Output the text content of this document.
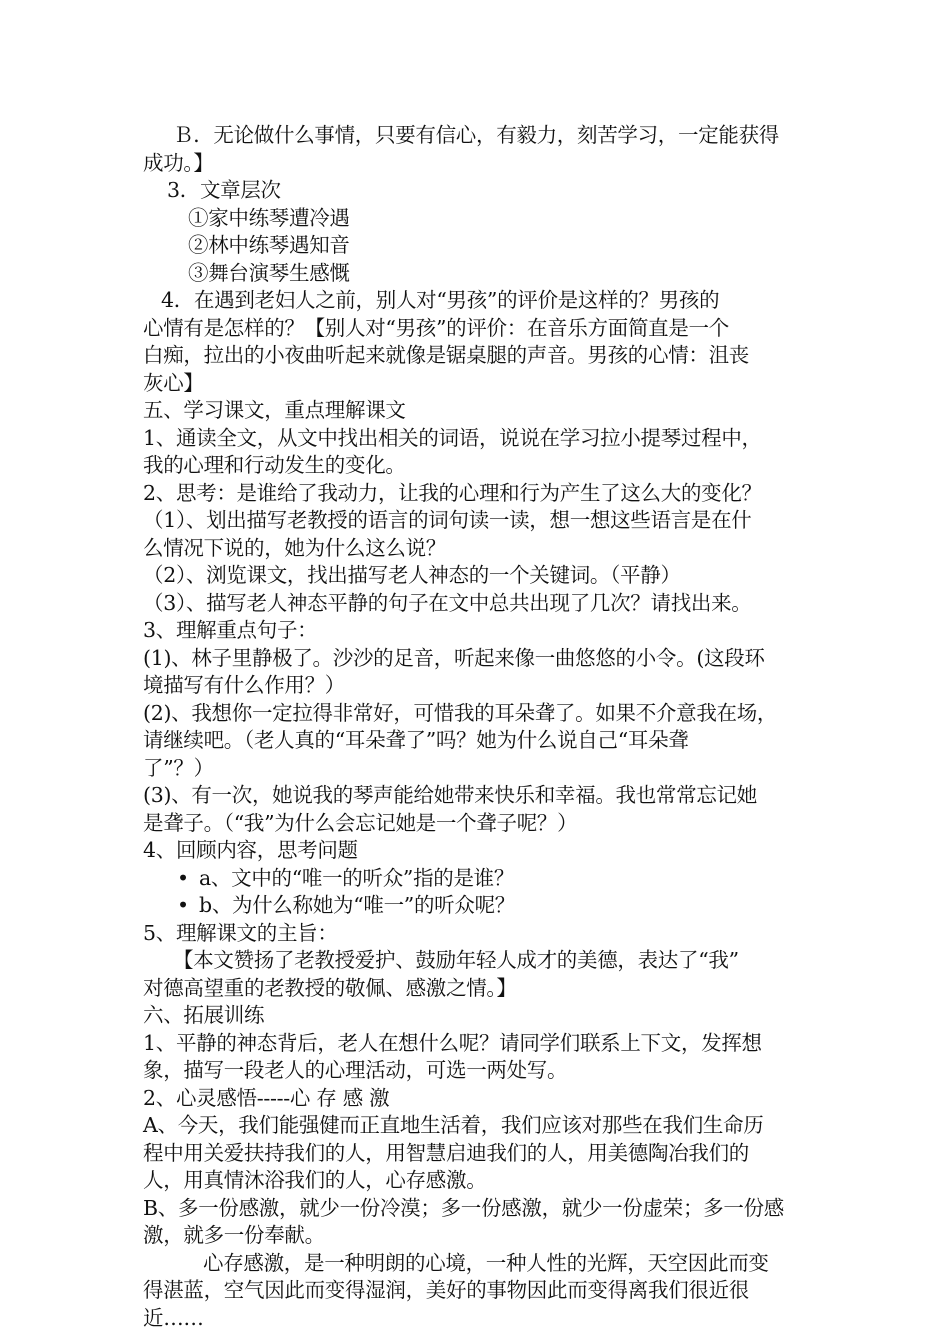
Ｂ．无论做什么事情，只要有信心，有毅力，刻苦学习，一定能获得

成功。】

3．文章层次

①家中练琴遭冷遇

②林中练琴遇知音

③舞台演琴生感慨

4．在遇到老妇人之前，别人对“男孩”的评价是这样的？男孩的

心情有是怎样的？【别人对“男孩”的评价：在音乐方面简直是一个

白痴，拉出的小夜曲听起来就像是锯桌腿的声音。男孩的心情：沮丧

灰心】

五、学习课文，重点理解课文

1、通读全文，从文中找出相关的词语，说说在学习拉小提琴过程中，

我的心理和行动发生的变化。

2、思考：是谁给了我动力，让我的心理和行为产生了这么大的变化？

（1）、划出描写老教授的语言的词句读一读，想一想这些语言是在什

么情况下说的，她为什么这么说？

（2）、浏览课文，找出描写老人神态的一个关键词。（平静）

（3）、描写老人神态平静的句子在文中总共出现了几次？请找出来。

3、理解重点句子：

(1)、林子里静极了。沙沙的足音，听起来像一曲悠悠的小令。(这段环

境描写有什么作用？）

(2)、我想你一定拉得非常好，可惜我的耳朵聋了。如果不介意我在场，

请继续吧。（老人真的“耳朵聋了”吗？她为什么说自己“耳朵聋

了”？）

(3)、有一次，她说我的琴声能给她带来快乐和幸福。我也常常忘记她

是聋子。（“我”为什么会忘记她是一个聋子呢？）

4、回顾内容，思考问题

• a、文中的“唯一的听众”指的是谁？

• b、为什么称她为“唯一”的听众呢？

5、理解课文的主旨：

【本文赞扬了老教授爱护、鼓励年轻人成才的美德，表达了“我”

对德高望重的老教授的敬佩、感激之情。】

六、拓展训练

1、平静的神态背后，老人在想什么呢？请同学们联系上下文，发挥想

象，描写一段老人的心理活动，可选一两处写。

2、心灵感悟-----心 存 感 激

A、今天，我们能强健而正直地生活着，我们应该对那些在我们生命历

程中用关爱扶持我们的人，用智慧启迪我们的人，用美德陶冶我们的

人，用真情沐浴我们的人，心存感激。

B、多一份感激，就少一份冷漠；多一份感激，就少一份虚荣；多一份感

激，就多一份奉献。

心存感激，是一种明朗的心境，一种人性的光辉，天空因此而变

得湛蓝，空气因此而变得湿润，美好的事物因此而变得离我们很近很

近……
